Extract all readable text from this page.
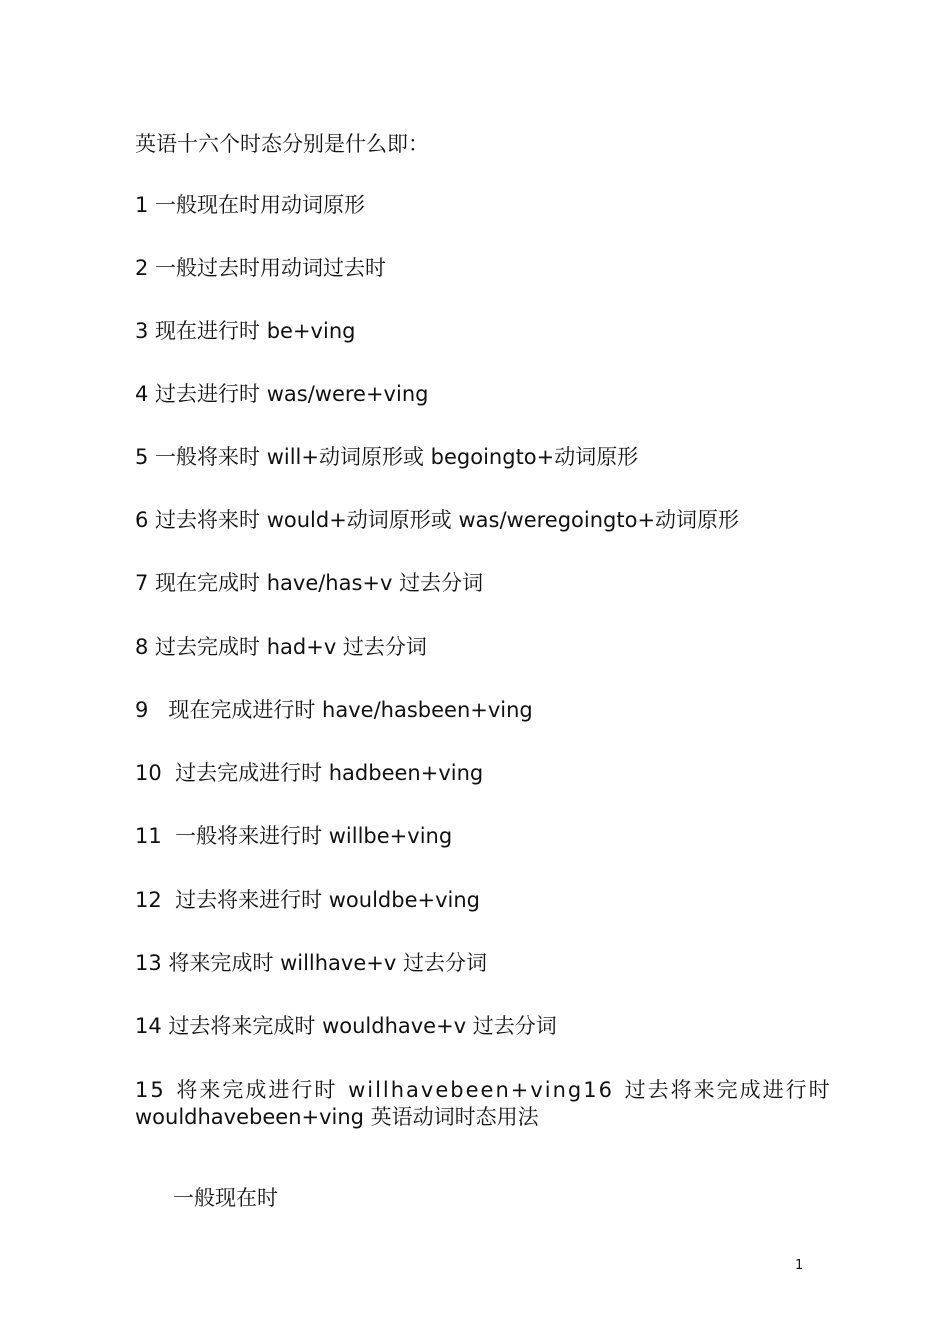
英语十六个时态分别是什么即：
1 一般现在时用动词原形
2 一般过去时用动词过去时
3 现在进行时 be+ving
4 过去进行时 was/were+ving
5 一般将来时 will+动词原形或 begoingto+动词原形
6 过去将来时 would+动词原形或 was/weregoingto+动词原形
7 现在完成时 have/has+v 过去分词
8 过去完成时 had+v 过去分词
9   现在完成进行时 have/hasbeen+ving
10  过去完成进行时 hadbeen+ving
11  一般将来进行时 willbe+ving
12  过去将来进行时 wouldbe+ving
13 将来完成时 willhave+v 过去分词
14 过去将来完成时 wouldhave+v 过去分词
15 将来完成进行时 willhavebeen+ving16 过去将来完成进行时
wouldhavebeen+ving 英语动词时态用法
一般现在时
1
